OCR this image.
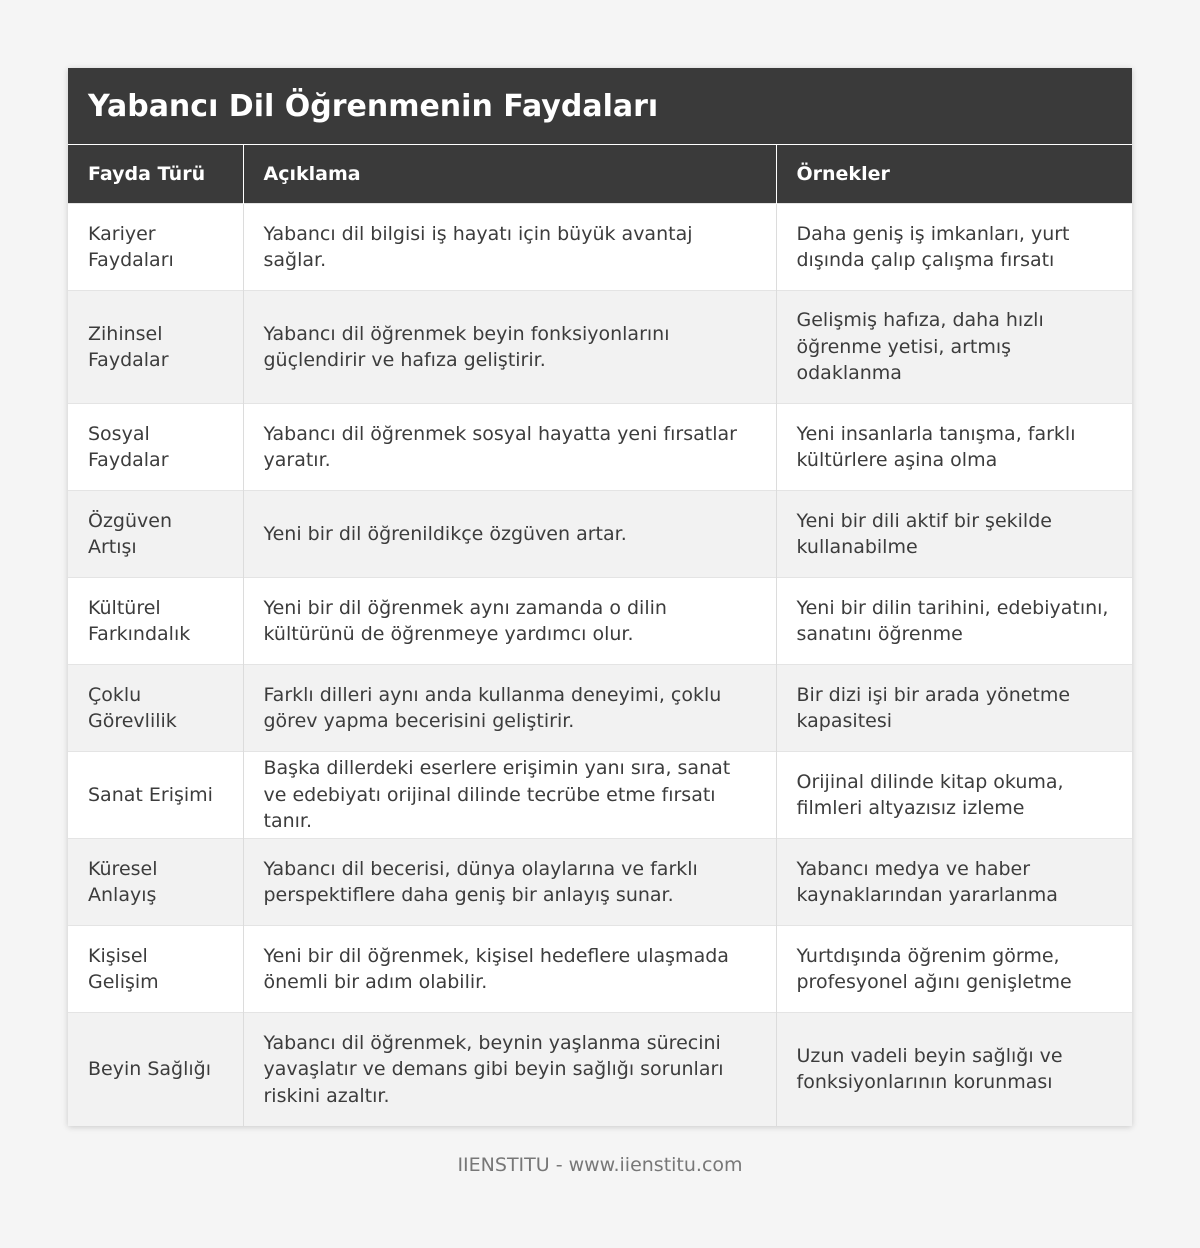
Yabancı Dil Öğrenmenin Faydaları
Fayda Türü	Açıklama	Örnekler
Kariyer Faydaları	Yabancı dil bilgisi iş hayatı için büyük avantaj sağlar.	Daha geniş iş imkanları, yurt dışında çalıp çalışma fırsatı
Zihinsel Faydalar	Yabancı dil öğrenmek beyin fonksiyonlarını güçlendirir ve hafıza geliştirir.	Gelişmiş hafıza, daha hızlı öğrenme yetisi, artmış odaklanma
Sosyal Faydalar	Yabancı dil öğrenmek sosyal hayatta yeni fırsatlar yaratır.	Yeni insanlarla tanışma, farklı kültürlere aşina olma
Özgüven Artışı	Yeni bir dil öğrenildikçe özgüven artar.	Yeni bir dili aktif bir şekilde kullanabilme
Kültürel Farkındalık	Yeni bir dil öğrenmek aynı zamanda o dilin kültürünü de öğrenmeye yardımcı olur.	Yeni bir dilin tarihini, edebiyatını, sanatını öğrenme
Çoklu Görevlilik	Farklı dilleri aynı anda kullanma deneyimi, çoklu görev yapma becerisini geliştirir.	Bir dizi işi bir arada yönetme kapasitesi
Sanat Erişimi	Başka dillerdeki eserlere erişimin yanı sıra, sanat ve edebiyatı orijinal dilinde tecrübe etme fırsatı tanır.	Orijinal dilinde kitap okuma, filmleri altyazısız izleme
Küresel Anlayış	Yabancı dil becerisi, dünya olaylarına ve farklı perspektiflere daha geniş bir anlayış sunar.	Yabancı medya ve haber kaynaklarından yararlanma
Kişisel Gelişim	Yeni bir dil öğrenmek, kişisel hedeflere ulaşmada önemli bir adım olabilir.	Yurtdışında öğrenim görme, profesyonel ağını genişletme
Beyin Sağlığı	Yabancı dil öğrenmek, beynin yaşlanma sürecini yavaşlatır ve demans gibi beyin sağlığı sorunları riskini azaltır.	Uzun vadeli beyin sağlığı ve fonksiyonlarının korunması
IIENSTITU - www.iienstitu.com
